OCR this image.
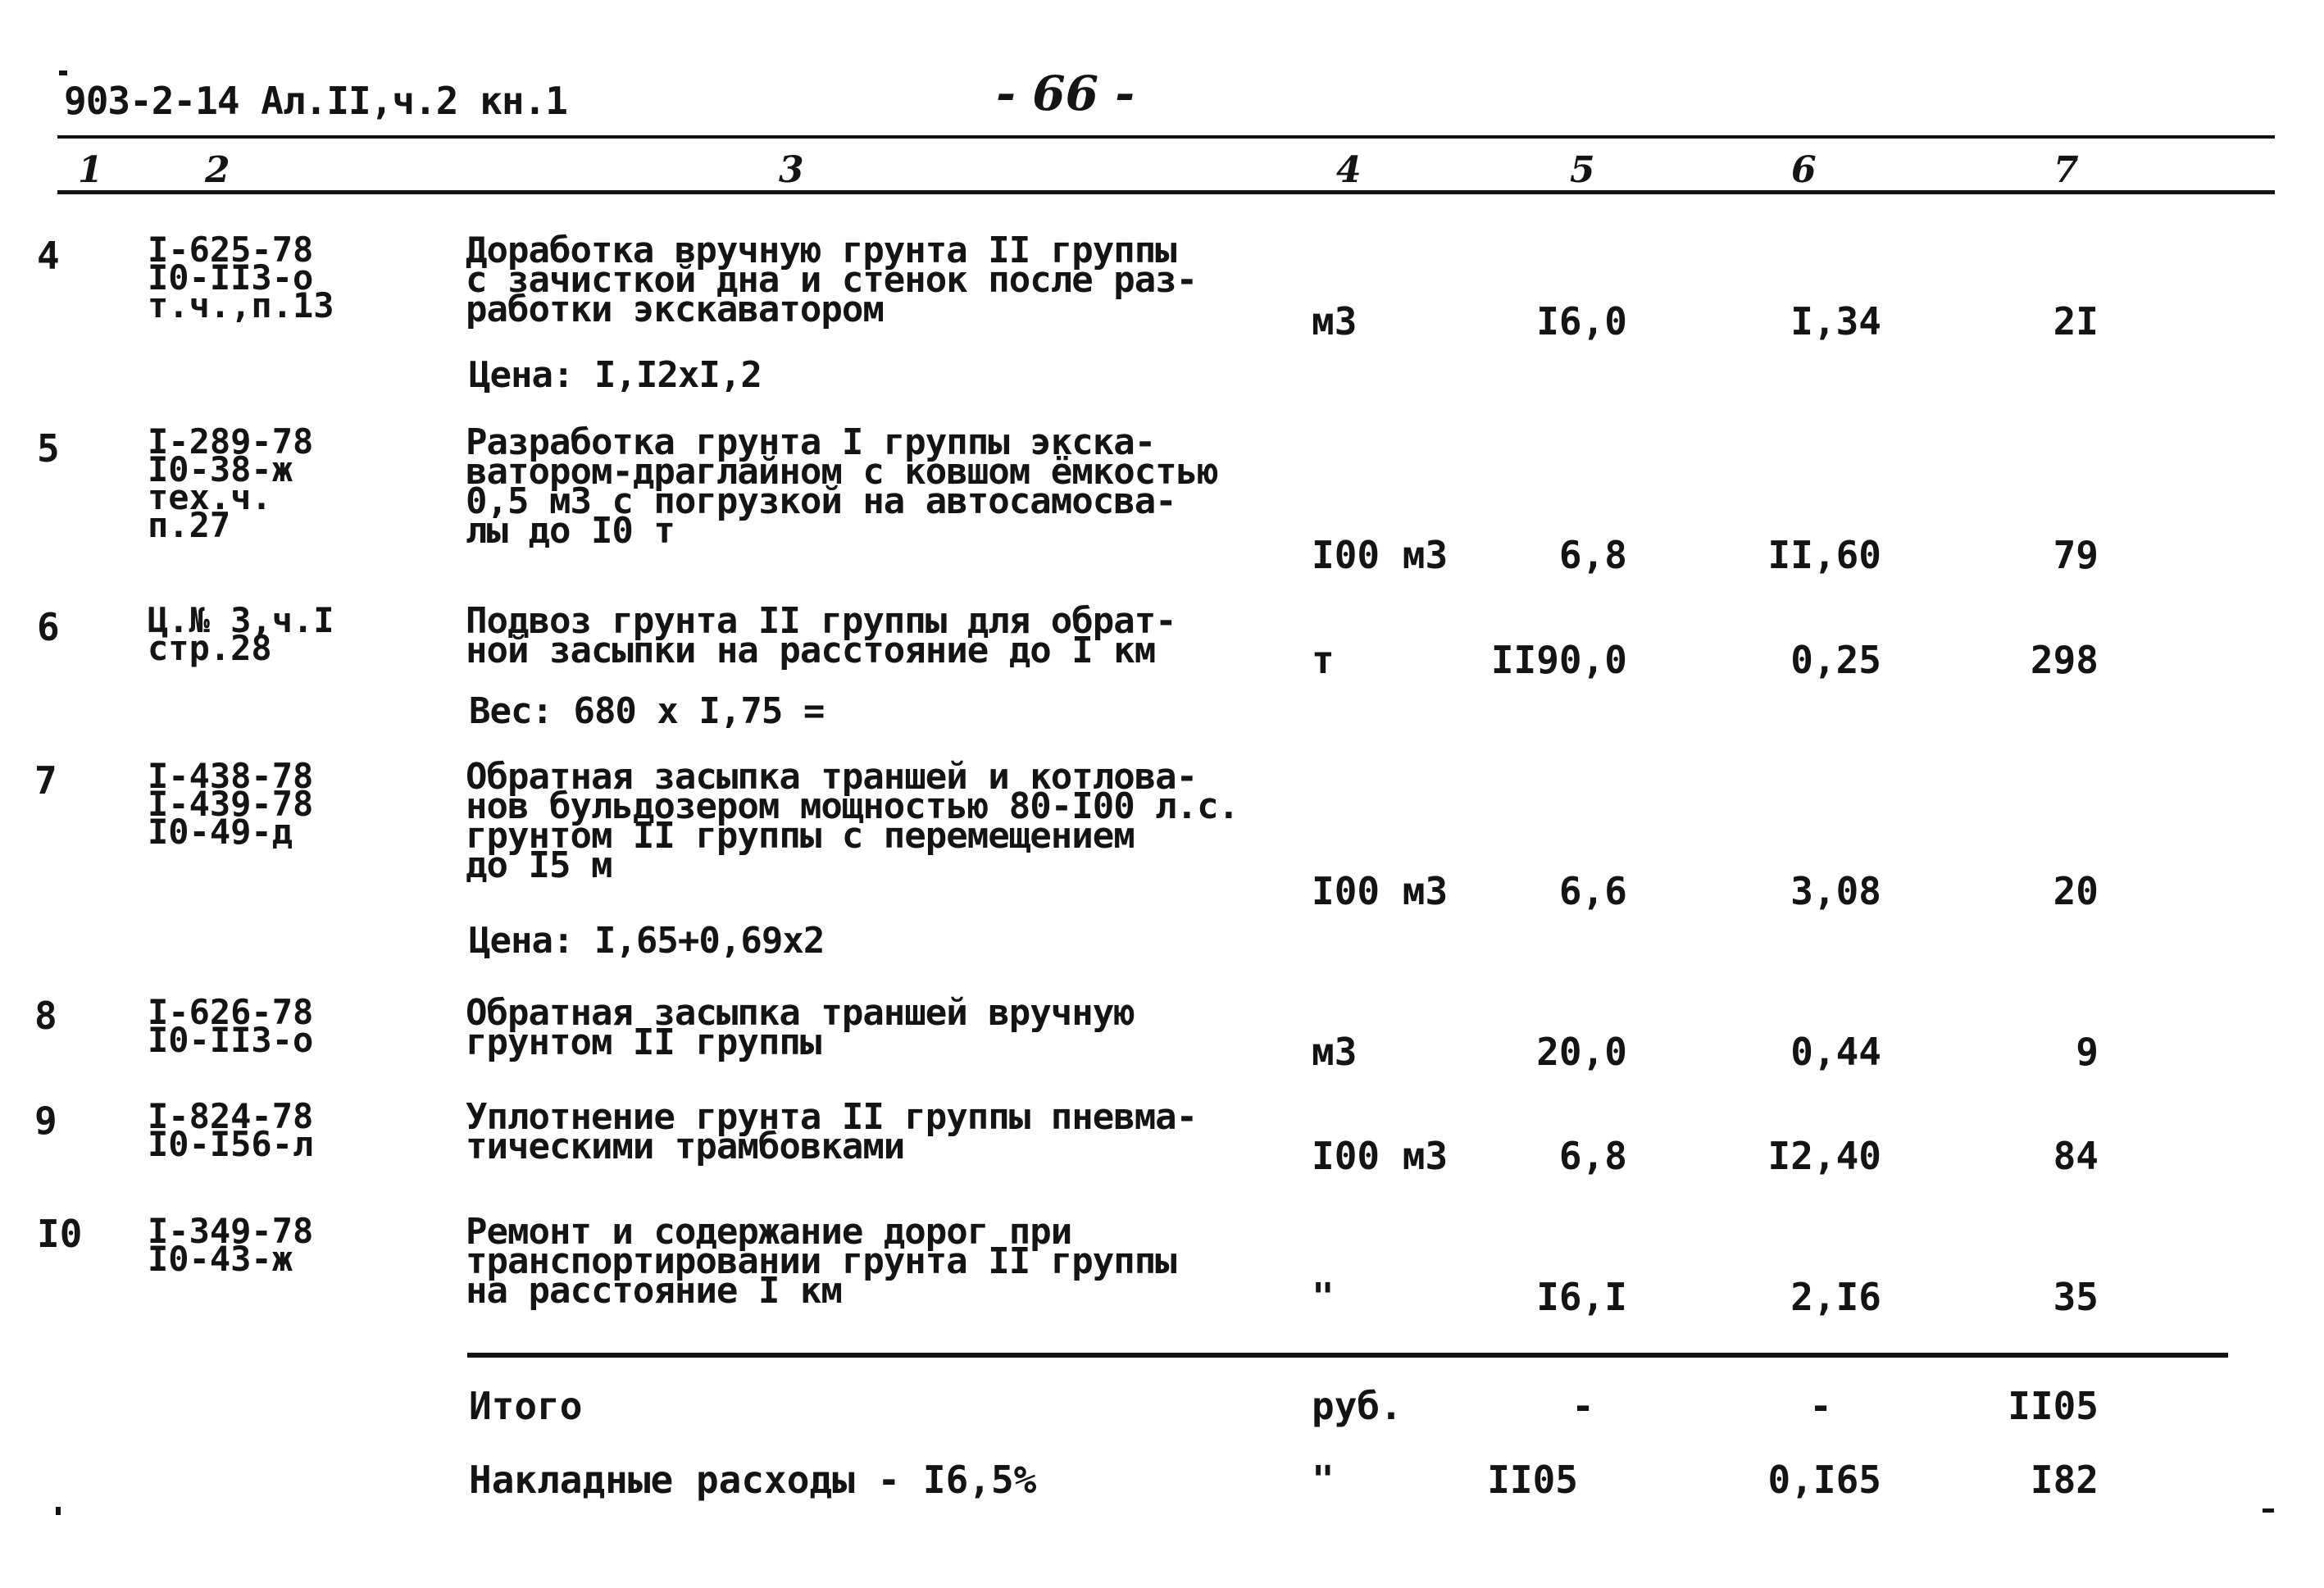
903-2-14 Ал.II,ч.2 кн.1	- 66 -
1	2	3	4	5	6	7
4	I-625-78
I0-II3-о
т.ч.,п.13
Доработка вручную грунта II группы
с зачисткой дна и стенок после раз-
работки экскаватором
Цена: I,I2xI,2
м3	I6,0	I,34	2I
5	I-289-78
I0-38-ж
тех.ч.
п.27
Разработка грунта I группы экска-
ватором-драглайном с ковшом ёмкостью
0,5 м3 с погрузкой на автосамосва-
лы до I0 т
I00 м3	6,8	II,60	79
6	Ц.№ 3,ч.I
стр.28
Подвоз грунта II группы для обрат-
ной засыпки на расстояние до I км
Вес: 680 x I,75 =
т	II90,0	0,25	298
7	I-438-78
I-439-78
I0-49-д
Обратная засыпка траншей и котлова-
нов бульдозером мощностью 80-I00 л.с.
грунтом II группы с перемещением
до I5 м
Цена: I,65+0,69x2
I00 м3	6,6	3,08	20
8	I-626-78
I0-II3-о
Обратная засыпка траншей вручную
грунтом II группы	м3	20,0	0,44	9
9	I-824-78
I0-I56-л
Уплотнение грунта II группы пневма-
тическими трамбовками	I00 м3	6,8	I2,40	84
I0 I-349-78
I0-43-ж
Ремонт и содержание дорог при
транспортировании грунта II группы
на расстояние I км	"	I6,I	2,I6	35
Итого	руб.	-	-	II05
Накладные расходы - I6,5%	"	II05	0,I65	I82
